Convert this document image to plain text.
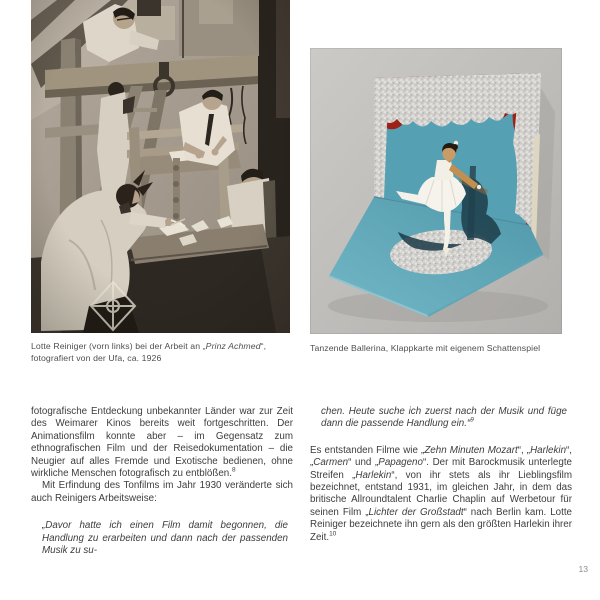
Lotte Reiniger (vorn links) bei der Arbeit an „Prinz Achmed“, fotografiert von der Ufa, ca. 1926
Tanzende Ballerina, Klappkarte mit eigenem Schattenspiel
fotografische Entdeckung unbekannter Länder war zur Zeit des Weimarer Kinos bereits weit fortgeschritten. Der Animationsfilm konnte aber – im Gegensatz zum ethnografischen Film und der Reisedokumentation – die Neugier auf alles Fremde und Exotische bedienen, ohne wirkliche Menschen fotografisch zu entblößen.$^8$
Mit Erfindung des Tonfilms im Jahr 1930 veränderte sich auch Reinigers Arbeitsweise:
„Davor hatte ich einen Film damit begonnen, die Handlung zu erarbeiten und dann nach der passenden Musik zu su-
chen. Heute suche ich zuerst nach der Musik und füge dann die passende Handlung ein.“$^9$
Es entstanden Filme wie „Zehn Minuten Mozart“, „Harlekin“, „Carmen“ und „Papageno“. Der mit Barockmusik unterlegte Streifen „Harlekin“, von ihr stets als ihr Lieblingsfilm bezeichnet, entstand 1931, im gleichen Jahr, in dem das britische Allroundtalent Charlie Chaplin auf Werbetour für seinen Film „Lichter der Großstadt“ nach Berlin kam. Lotte Reiniger bezeichnete ihn gern als den größten Harlekin ihrer Zeit.$^{10}$
13
